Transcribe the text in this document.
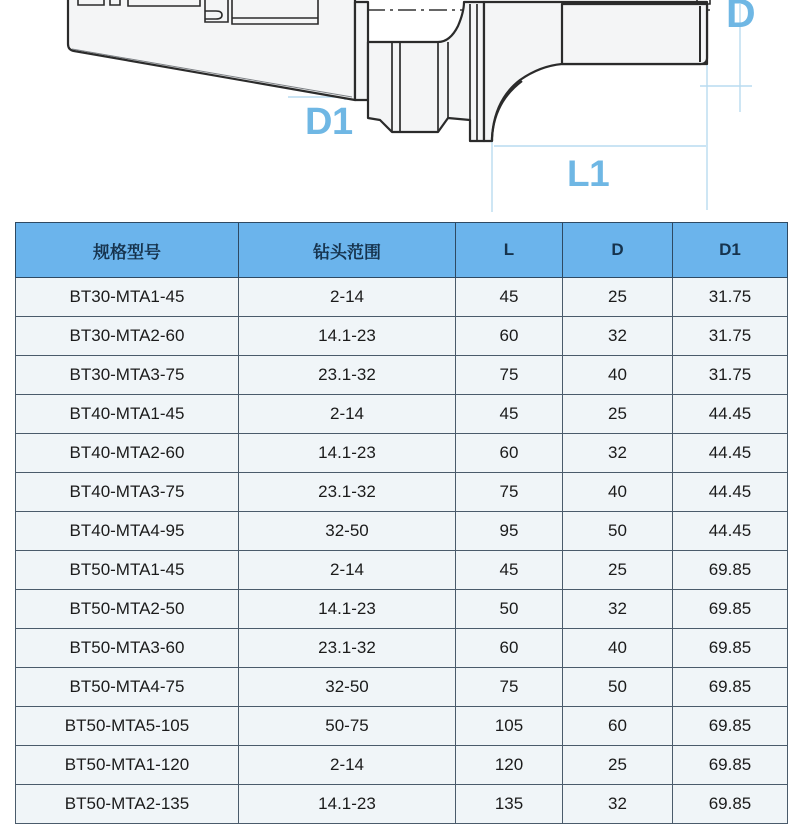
D
D1
L1
规格型号	钻头范围	L	D	D1
BT30-MTA1-45	2-14	45	25	31.75
BT30-MTA2-60	14.1-23	60	32	31.75
BT30-MTA3-75	23.1-32	75	40	31.75
BT40-MTA1-45	2-14	45	25	44.45
BT40-MTA2-60	14.1-23	60	32	44.45
BT40-MTA3-75	23.1-32	75	40	44.45
BT40-MTA4-95	32-50	95	50	44.45
BT50-MTA1-45	2-14	45	25	69.85
BT50-MTA2-50	14.1-23	50	32	69.85
BT50-MTA3-60	23.1-32	60	40	69.85
BT50-MTA4-75	32-50	75	50	69.85
BT50-MTA5-105	50-75	105	60	69.85
BT50-MTA1-120	2-14	120	25	69.85
BT50-MTA2-135	14.1-23	135	32	69.85
